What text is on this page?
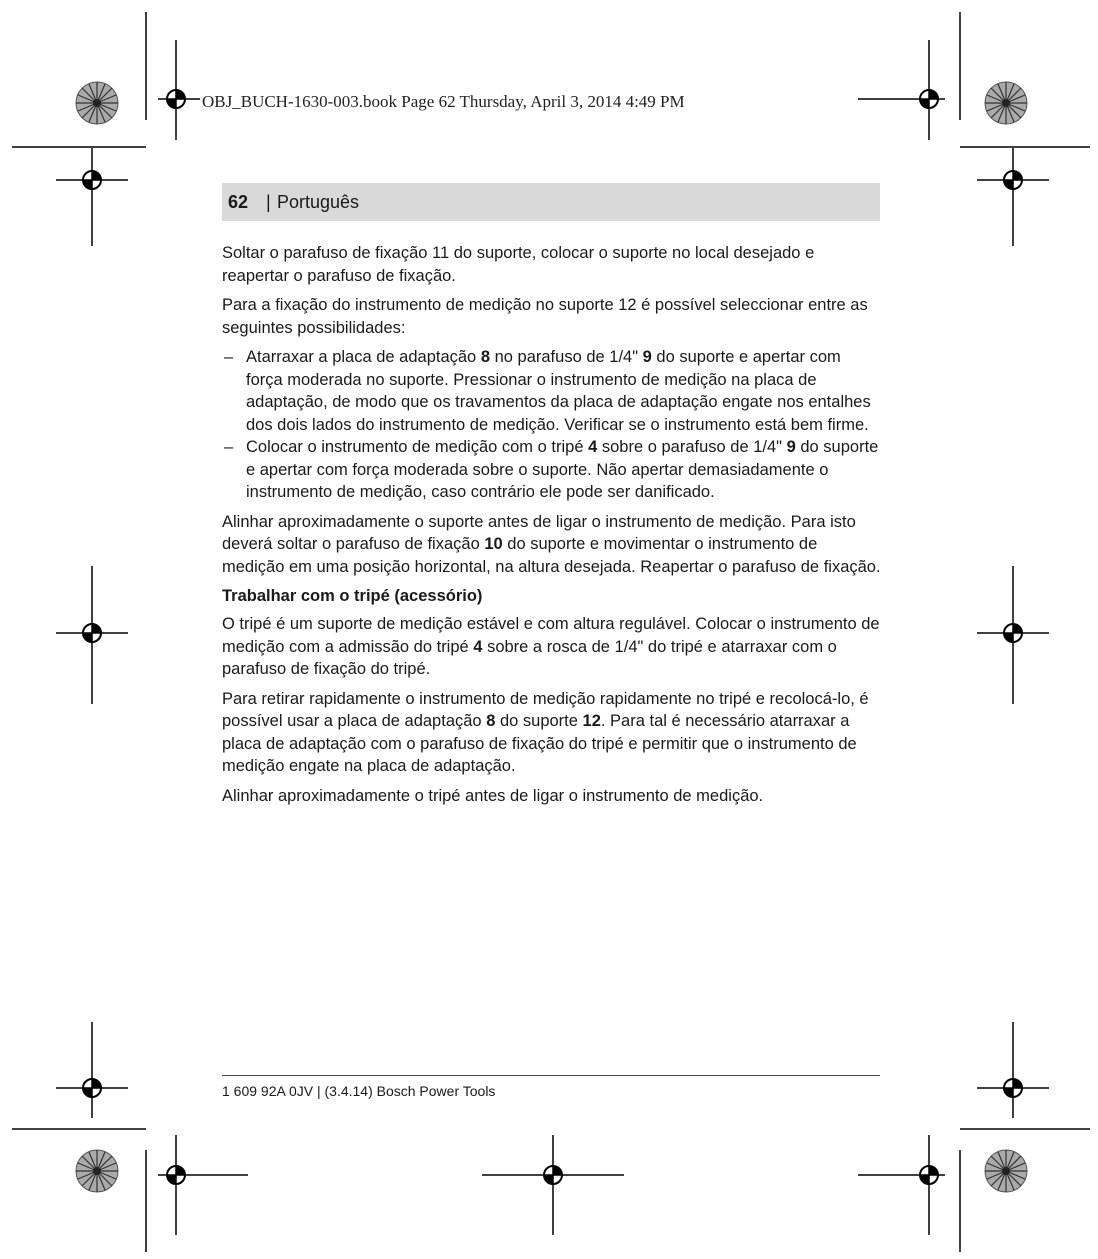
OBJ_BUCH-1630-003.book Page 62 Thursday, April 3, 2014 4:49 PM
62 | Português

Soltar o parafuso de fixação 11 do suporte, colocar o suporte no local desejado e reapertar o parafuso de fixação.

Para a fixação do instrumento de medição no suporte 12 é possível seleccionar entre as seguintes possibilidades:

– Atarraxar a placa de adaptação 8 no parafuso de 1/4" 9 do suporte e apertar com força moderada no suporte. Pressionar o instrumento de medição na placa de adaptação, de modo que os travamentos da placa de adaptação engate nos entalhes dos dois lados do instrumento de medição. Verificar se o instrumento está bem firme.
– Colocar o instrumento de medição com o tripé 4 sobre o parafuso de 1/4" 9 do suporte e apertar com força moderada sobre o suporte. Não apertar demasiadamente o instrumento de medição, caso contrário ele pode ser danificado.

Alinhar aproximadamente o suporte antes de ligar o instrumento de medição. Para isto deverá soltar o parafuso de fixação 10 do suporte e movimentar o instrumento de medição em uma posição horizontal, na altura desejada. Reapertar o parafuso de fixação.

Trabalhar com o tripé (acessório)

O tripé é um suporte de medição estável e com altura regulável. Colocar o instrumento de medição com a admissão do tripé 4 sobre a rosca de 1/4" do tripé e atarraxar com o parafuso de fixação do tripé.

Para retirar rapidamente o instrumento de medição rapidamente no tripé e recolocá-lo, é possível usar a placa de adaptação 8 do suporte 12. Para tal é necessário atarraxar a placa de adaptação com o parafuso de fixação do tripé e permitir que o instrumento de medição engate na placa de adaptação.

Alinhar aproximadamente o tripé antes de ligar o instrumento de medição.

1 609 92A 0JV | (3.4.14) Bosch Power Tools
